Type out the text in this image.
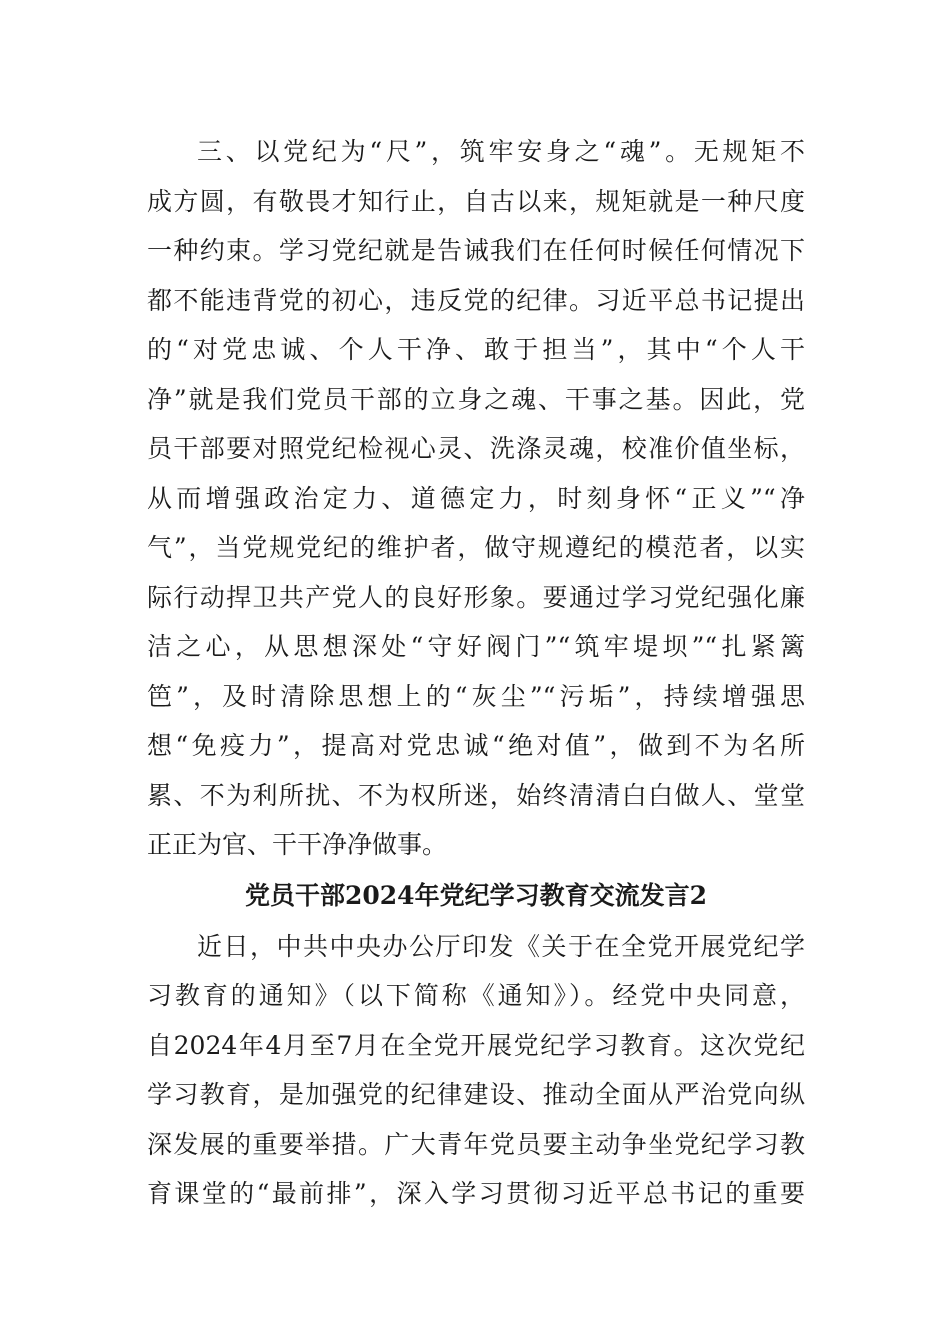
三、以党纪为“尺”，筑牢安身之“魂”。无规矩不
成方圆，有敬畏才知行止，自古以来，规矩就是一种尺度
一种约束。学习党纪就是告诫我们在任何时候任何情况下
都不能违背党的初心，违反党的纪律。习近平总书记提出
的“对党忠诚、个人干净、敢于担当”，其中“个人干
净”就是我们党员干部的立身之魂、干事之基。因此，党
员干部要对照党纪检视心灵、洗涤灵魂，校准价值坐标，
从而增强政治定力、道德定力，时刻身怀“正义”“净
气”，当党规党纪的维护者，做守规遵纪的模范者，以实
际行动捍卫共产党人的良好形象。要通过学习党纪强化廉
洁之心，从思想深处“守好阀门”“筑牢堤坝”“扎紧篱
笆”，及时清除思想上的“灰尘”“污垢”，持续增强思
想“免疫力”，提高对党忠诚“绝对值”，做到不为名所
累、不为利所扰、不为权所迷，始终清清白白做人、堂堂
正正为官、干干净净做事。
党员干部2024年党纪学习教育交流发言2
近日，中共中央办公厅印发《关于在全党开展党纪学
习教育的通知》（以下简称《通知》）。经党中央同意，
自2024年4月至7月在全党开展党纪学习教育。这次党纪
学习教育，是加强党的纪律建设、推动全面从严治党向纵
深发展的重要举措。广大青年党员要主动争坐党纪学习教
育课堂的“最前排”，深入学习贯彻习近平总书记的重要
